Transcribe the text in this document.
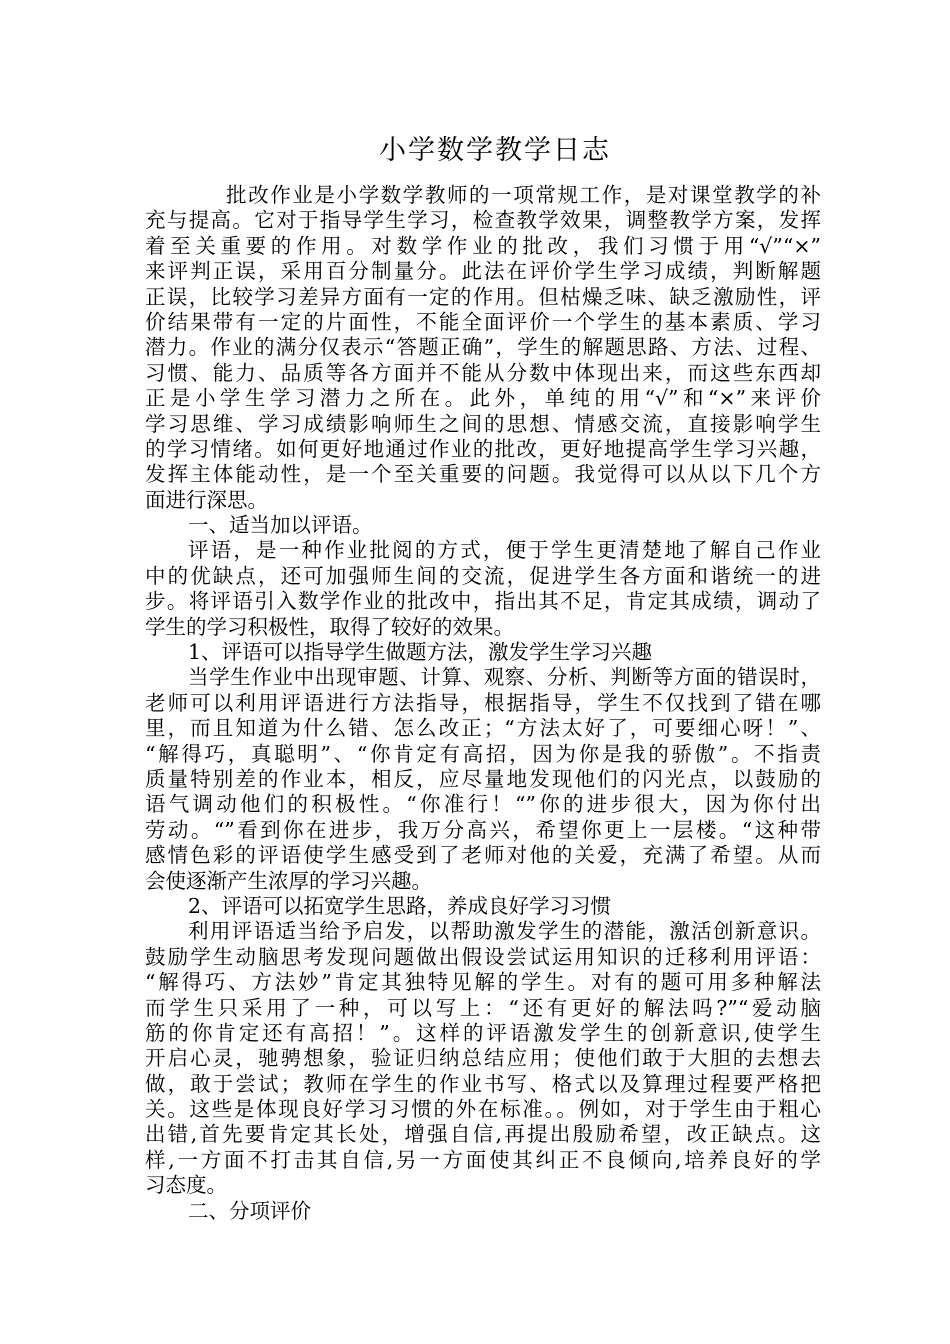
小学数学教学日志
批改作业是小学数学教师的一项常规工作，是对课堂教学的补
充与提高。它对于指导学生学习，检查教学效果，调整教学方案，发挥
着至关重要的作用。对数学作业的批改，我们习惯于用“√”“×”
来评判正误，采用百分制量分。此法在评价学生学习成绩，判断解题
正误，比较学习差异方面有一定的作用。但枯燥乏味、缺乏激励性，评
价结果带有一定的片面性，不能全面评价一个学生的基本素质、学习
潜力。作业的满分仅表示“答题正确”，学生的解题思路、方法、过程、
习惯、能力、品质等各方面并不能从分数中体现出来，而这些东西却
正是小学生学习潜力之所在。此外，单纯的用“√”和“×”来评价
学习思维、学习成绩影响师生之间的思想、情感交流，直接影响学生
的学习情绪。如何更好地通过作业的批改，更好地提高学生学习兴趣，
发挥主体能动性，是一个至关重要的问题。我觉得可以从以下几个方
面进行深思。
一、适当加以评语。
评语，是一种作业批阅的方式，便于学生更清楚地了解自己作业
中的优缺点，还可加强师生间的交流，促进学生各方面和谐统一的进
步。将评语引入数学作业的批改中，指出其不足，肯定其成绩，调动了
学生的学习积极性，取得了较好的效果。
1、评语可以指导学生做题方法，激发学生学习兴趣
当学生作业中出现审题、计算、观察、分析、判断等方面的错误时，
老师可以利用评语进行方法指导，根据指导，学生不仅找到了错在哪
里，而且知道为什么错、怎么改正；“方法太好了，可要细心呀！”、
“解得巧，真聪明”、“你肯定有高招，因为你是我的骄傲”。不指责
质量特别差的作业本，相反，应尽量地发现他们的闪光点，以鼓励的
语气调动他们的积极性。“你准行！“”你的进步很大，因为你付出
劳动。“”看到你在进步，我万分高兴，希望你更上一层楼。“这种带
感情色彩的评语使学生感受到了老师对他的关爱，充满了希望。从而
会使逐渐产生浓厚的学习兴趣。
2、评语可以拓宽学生思路，养成良好学习习惯
利用评语适当给予启发，以帮助激发学生的潜能，激活创新意识。
鼓励学生动脑思考发现问题做出假设尝试运用知识的迁移利用评语：
“解得巧、方法妙”肯定其独特见解的学生。对有的题可用多种解法
而学生只采用了一种，可以写上：“还有更好的解法吗?”“爱动脑
筋的你肯定还有高招！”。这样的评语激发学生的创新意识,使学生
开启心灵，驰骋想象，验证归纳总结应用；使他们敢于大胆的去想去
做，敢于尝试；教师在学生的作业书写、格式以及算理过程要严格把
关。这些是体现良好学习习惯的外在标准。。例如，对于学生由于粗心
出错,首先要肯定其长处，增强自信,再提出殷励希望，改正缺点。这
样,一方面不打击其自信,另一方面使其纠正不良倾向,培养良好的学
习态度。
二、分项评价
